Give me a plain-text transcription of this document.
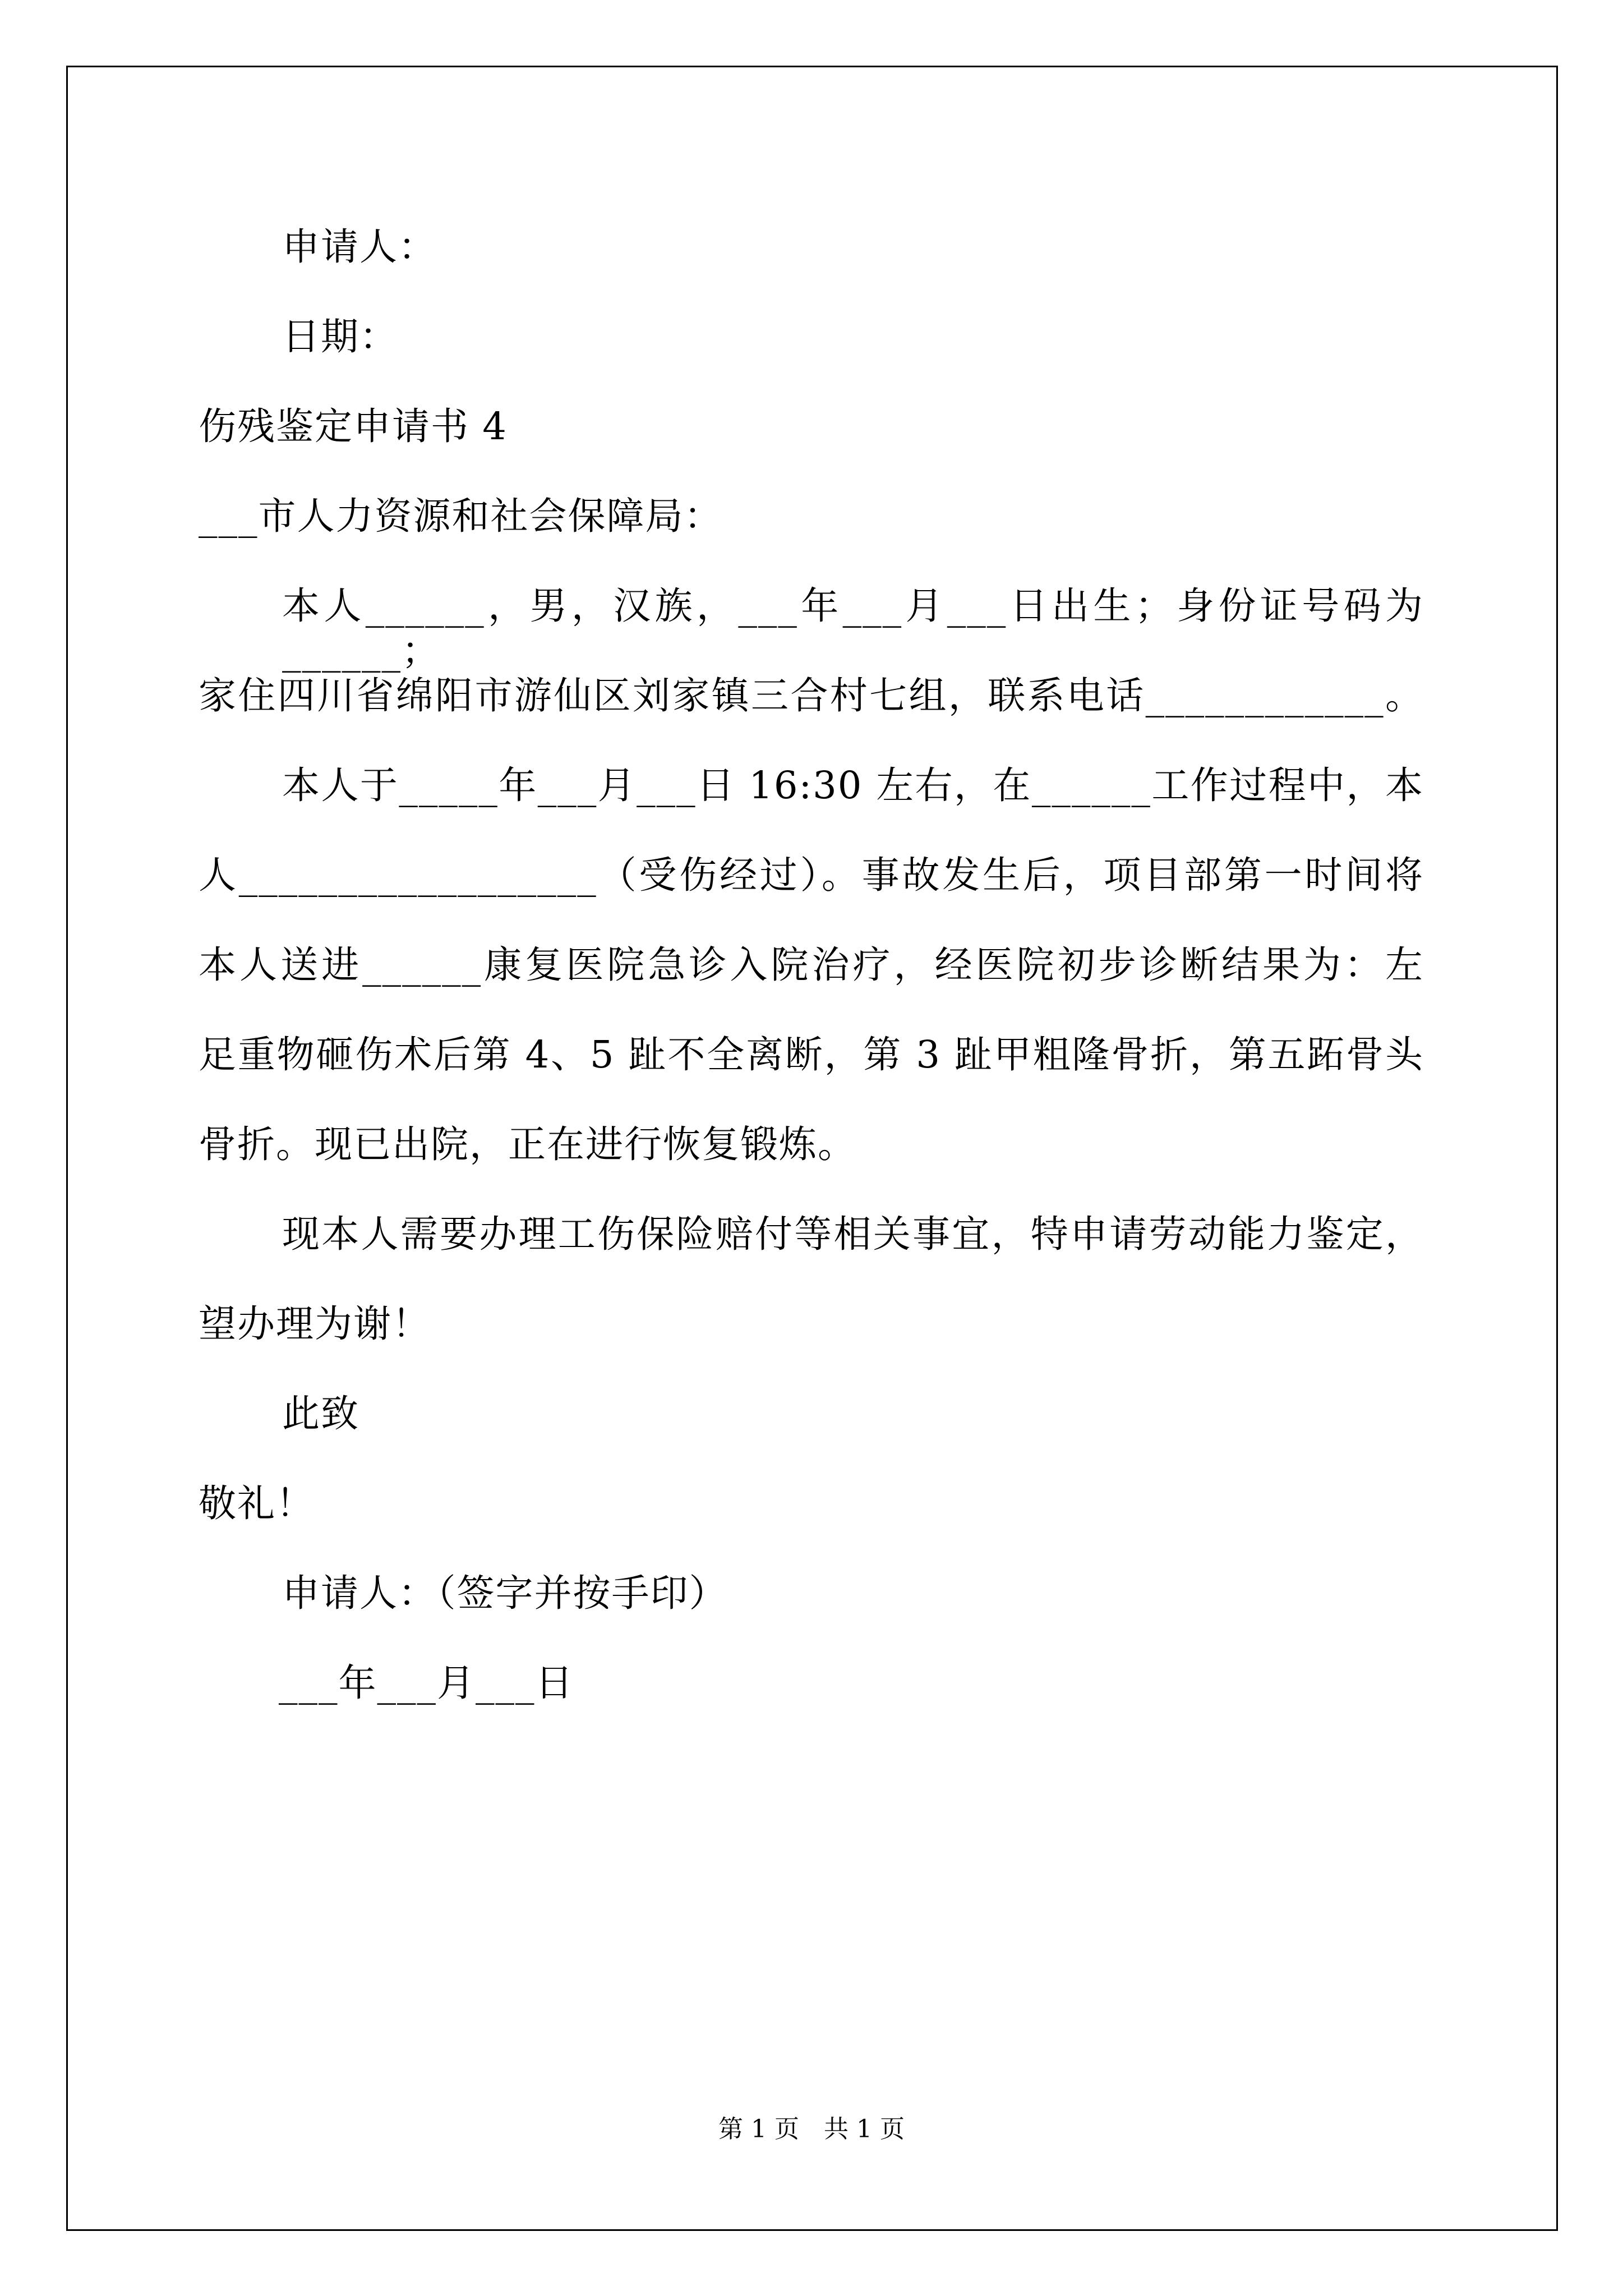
申请人：
日期：
伤残鉴定申请书 4
___市人力资源和社会保障局：
本人______，男，汉族，___年___月___日出生；身份证号码为______；
家住四川省绵阳市游仙区刘家镇三合村七组，联系电话____________。
本人于_____年___月___日 16:30 左右，在______工作过程中，本
人__________________（受伤经过）。事故发生后，项目部第一时间将
本人送进______康复医院急诊入院治疗，经医院初步诊断结果为：左
足重物砸伤术后第 4、5 趾不全离断，第 3 趾甲粗隆骨折，第五跖骨头
骨折。现已出院，正在进行恢复锻炼。
现本人需要办理工伤保险赔付等相关事宜，特申请劳动能力鉴定，
望办理为谢！
此致
敬礼！
申请人：（签字并按手印）
___年___月___日
第 1 页　共 1 页
